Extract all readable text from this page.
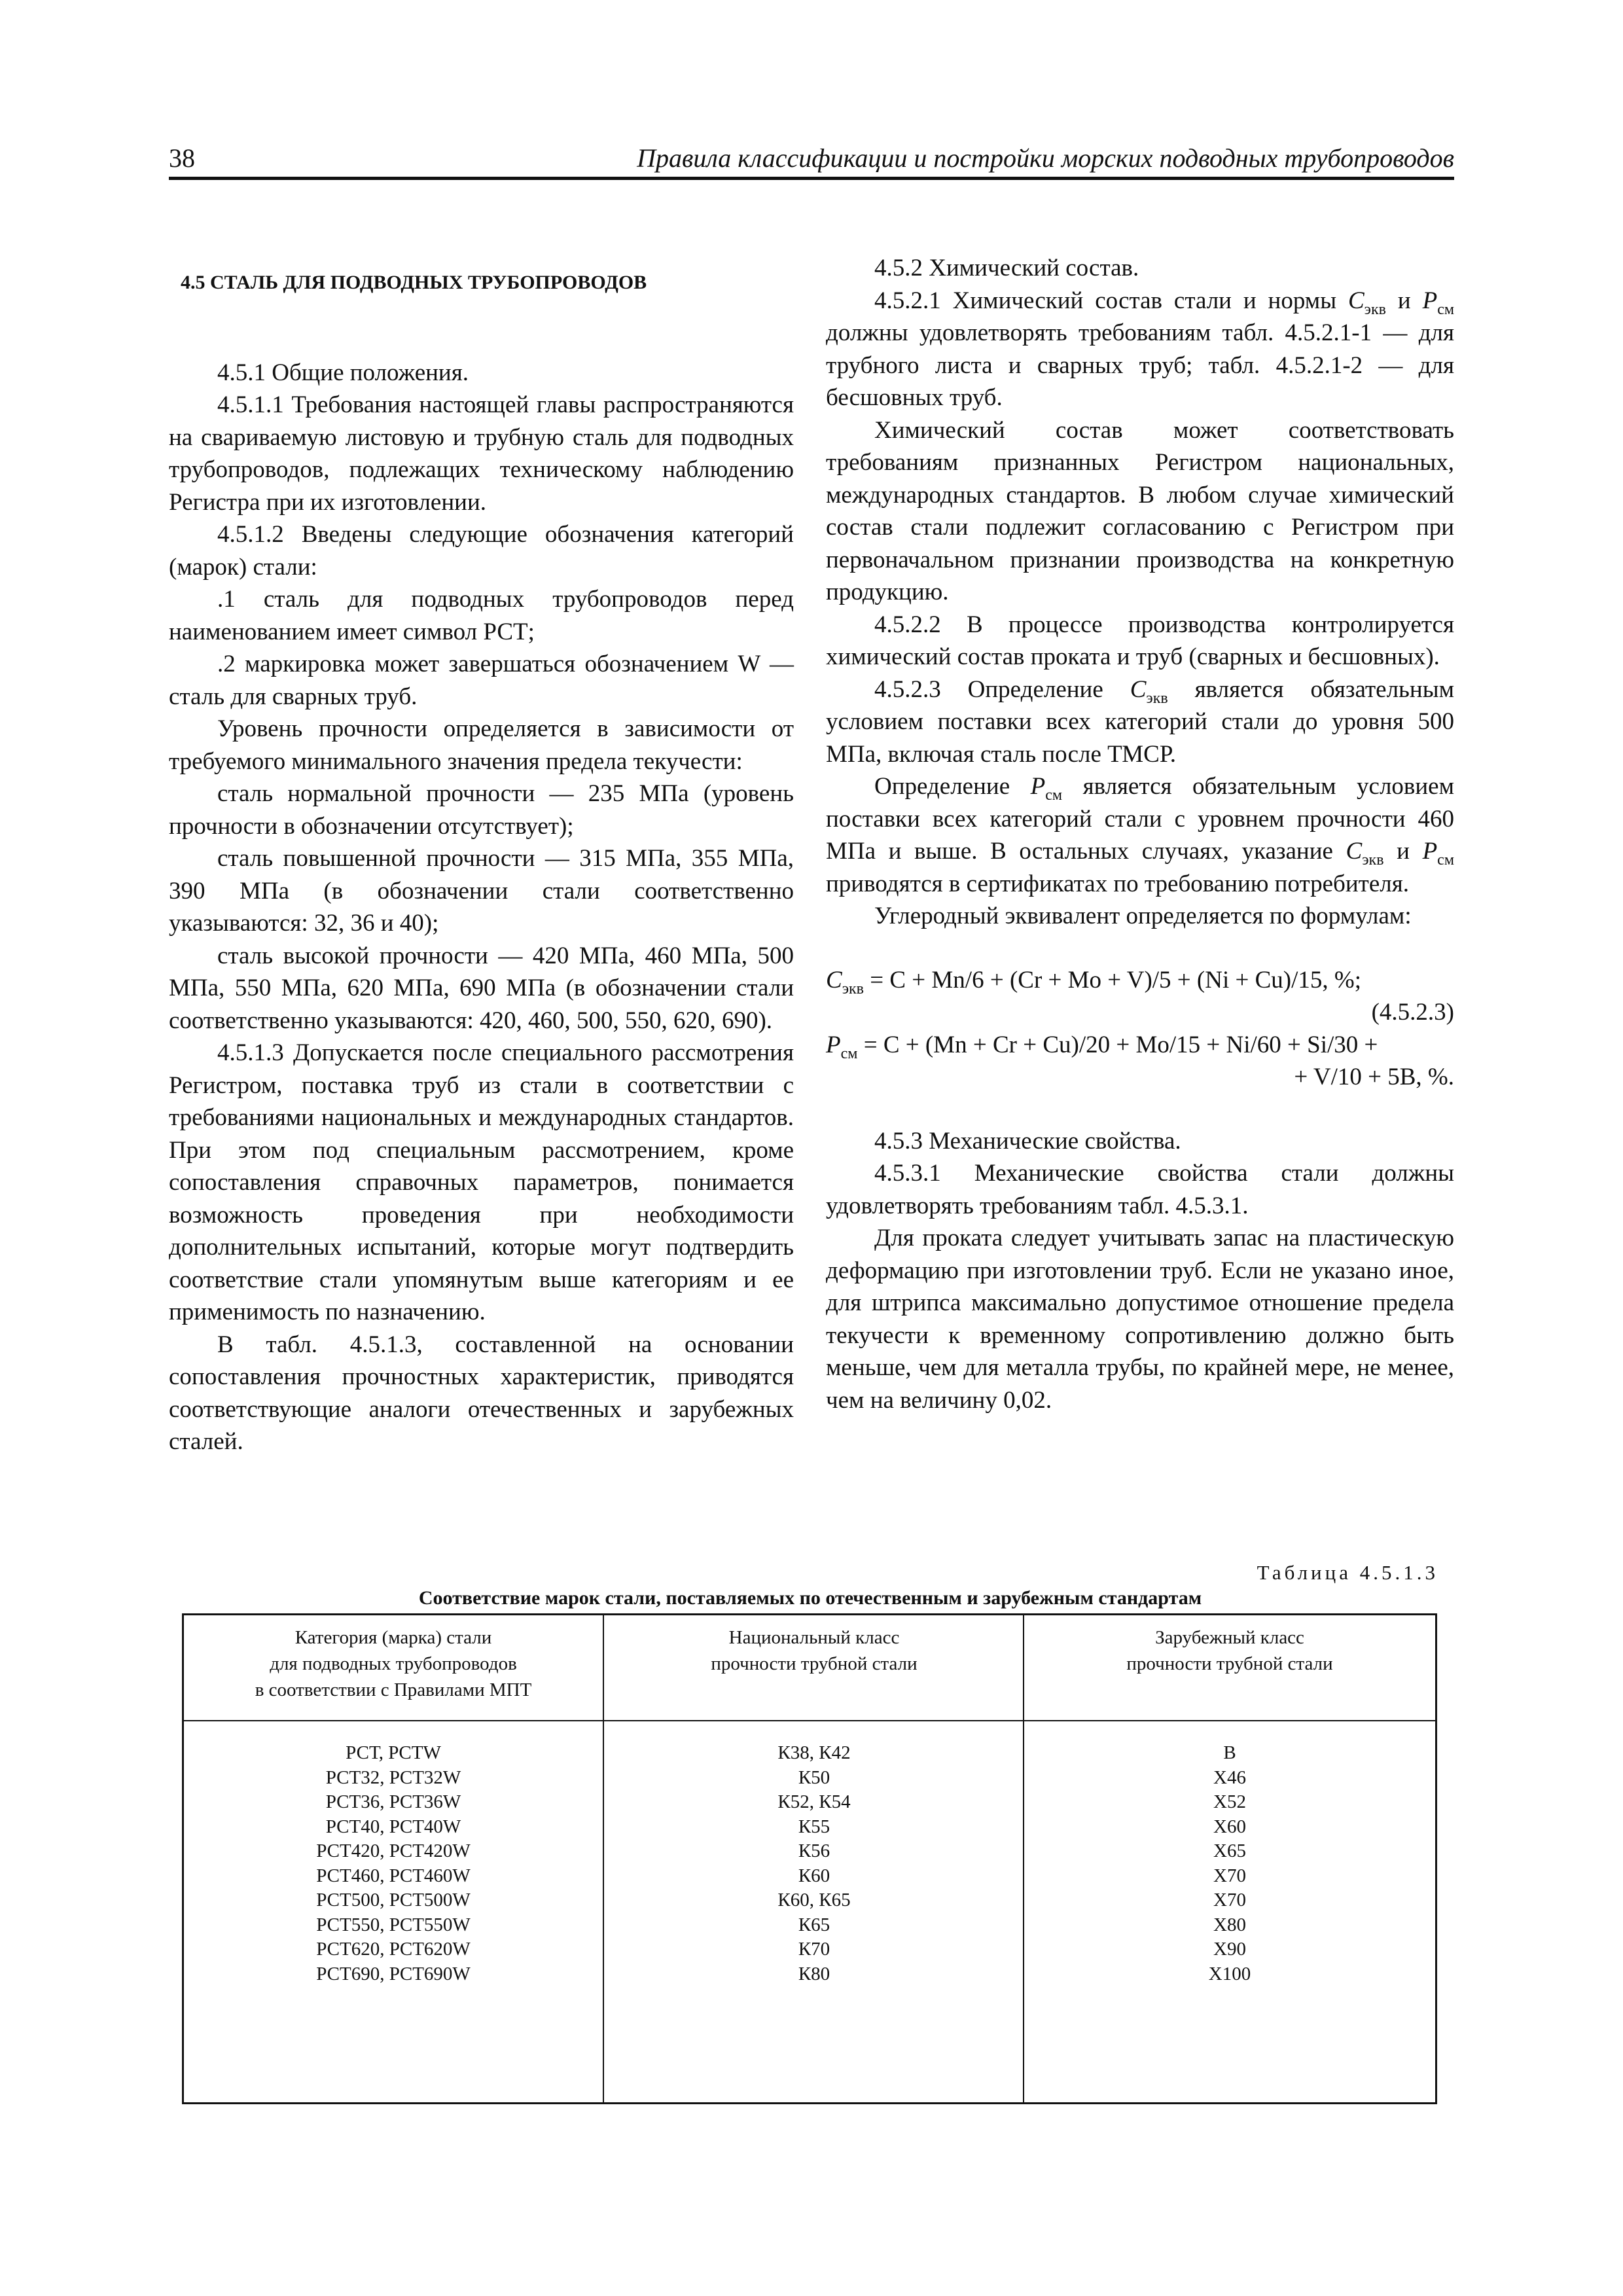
38	Правила классификации и постройки морских подводных трубопроводов

4.5 СТАЛЬ ДЛЯ ПОДВОДНЫХ ТРУБОПРОВОДОВ

4.5.1 Общие положения.

4.5.1.1 Требования настоящей главы распространяются на свариваемую листовую и трубную сталь для подводных трубопроводов, подлежащих техническому наблюдению Регистра при их изготовлении.

4.5.1.2 Введены следующие обозначения категорий (марок) стали:

.1 сталь для подводных трубопроводов перед наименованием имеет символ РСТ;

.2 маркировка может завершаться обозначением W — сталь для сварных труб.

Уровень прочности определяется в зависимости от требуемого минимального значения предела текучести:

сталь нормальной прочности — 235 МПа (уровень прочности в обозначении отсутствует);

сталь повышенной прочности — 315 МПа, 355 МПа, 390 МПа (в обозначении стали соответственно указываются: 32, 36 и 40);

сталь высокой прочности — 420 МПа, 460 МПа, 500 МПа, 550 МПа, 620 МПа, 690 МПа (в обозначении стали соответственно указываются: 420, 460, 500, 550, 620, 690).

4.5.1.3 Допускается после специального рассмотрения Регистром, поставка труб из стали в соответствии с требованиями национальных и международных стандартов. При этом под специальным рассмотрением, кроме сопоставления справочных параметров, понимается возможность проведения при необходимости дополнительных испытаний, которые могут подтвердить соответствие стали упомянутым выше категориям и ее применимость по назначению.

В табл. 4.5.1.3, составленной на основании сопоставления прочностных характеристик, приводятся соответствующие аналоги отечественных и зарубежных сталей.

4.5.2 Химический состав.

4.5.2.1 Химический состав стали и нормы $C_{экв}$ и $P_{см}$ должны удовлетворять требованиям табл. 4.5.2.1-1 — для трубного листа и сварных труб; табл. 4.5.2.1-2 — для бесшовных труб.

Химический состав может соответствовать требованиям признанных Регистром национальных, международных стандартов. В любом случае химический состав стали подлежит согласованию с Регистром при первоначальном признании производства на конкретную продукцию.

4.5.2.2 В процессе производства контролируется химический состав проката и труб (сварных и бесшовных).

4.5.2.3 Определение $C_{экв}$ является обязательным условием поставки всех категорий стали до уровня 500 МПа, включая сталь после ТМСР.

Определение $P_{см}$ является обязательным условием поставки всех категорий стали с уровнем прочности 460 МПа и выше. В остальных случаях, указание $C_{экв}$ и $P_{см}$ приводятся в сертификатах по требованию потребителя.

Углеродный эквивалент определяется по формулам:

$C_{экв} = C + Mn/6 + (Cr + Mo + V)/5 + (Ni + Cu)/15$, %;
(4.5.2.3)
$P_{см} = C + (Mn + Cr + Cu)/20 + Mo/15 + Ni/60 + Si/30$ +
+ V/10 + 5B, %.

4.5.3 Механические свойства.

4.5.3.1 Механические свойства стали должны удовлетворять требованиям табл. 4.5.3.1.

Для проката следует учитывать запас на пластическую деформацию при изготовлении труб. Если не указано иное, для штрипса максимально допустимое отношение предела текучести к временному сопротивлению должно быть меньше, чем для металла трубы, по крайней мере, не менее, чем на величину 0,02.

Таблица 4.5.1.3
Соответствие марок стали, поставляемых по отечественным и зарубежным стандартам
Категория (марка) стали
для подводных трубопроводов
в соответствии с Правилами МПТ
РСТ, PCTW
РСТ32, PCT32W
РСТ36, PCT36W
РСТ40, PCT40W
РСТ420, PCT420W
РСТ460, PCT460W
РСТ500, PCT500W
РСТ550, PCT550W
РСТ620, PCT620W
РСТ690, PCT690W
Национальный класс
прочности трубной стали
К38, К42
К50
К52, К54
К55
К56
К60
К60, К65
К65
К70
К80
Зарубежный класс
прочности трубной стали
B
X46
X52
X60
X65
X70
X70
X80
X90
X100
